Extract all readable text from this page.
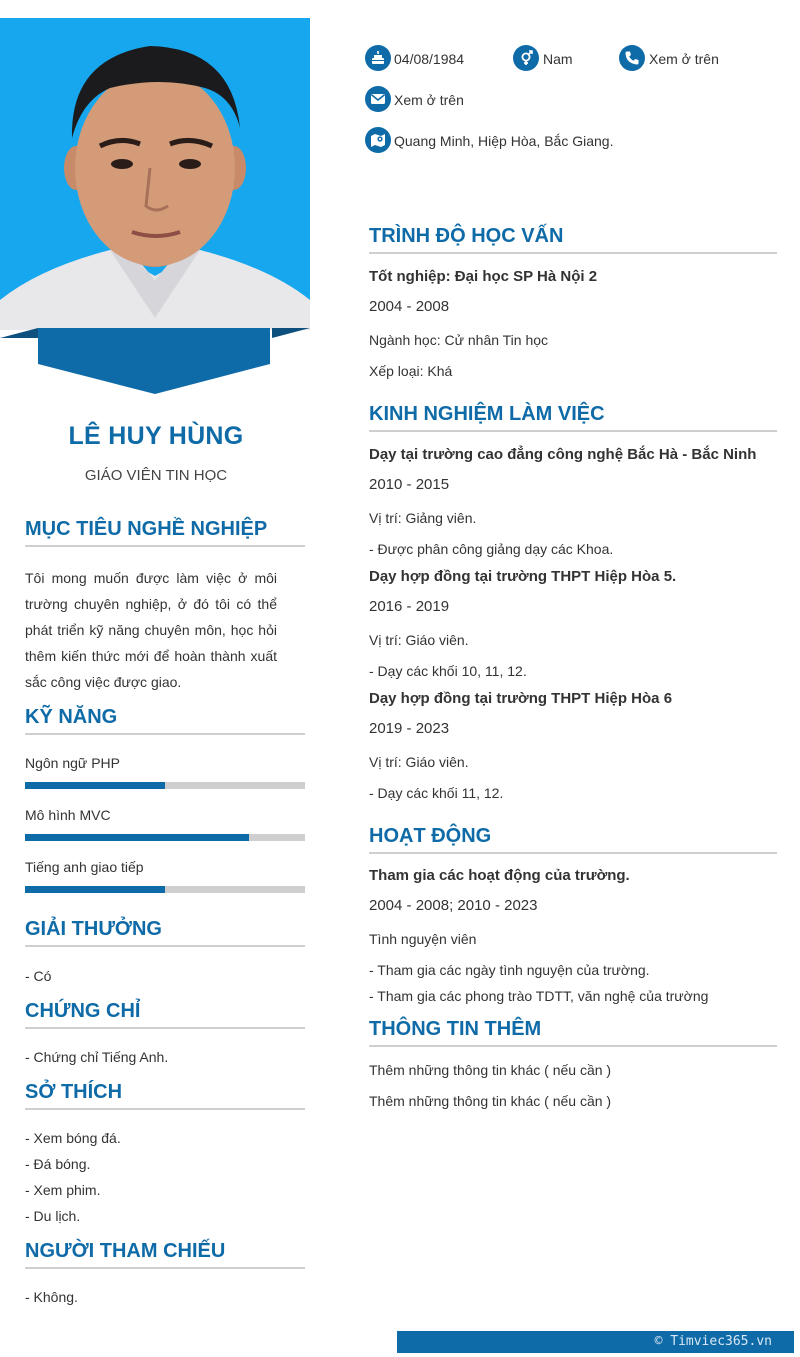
LÊ HUY HÙNG
GIÁO VIÊN TIN HỌC
MỤC TIÊU NGHỀ NGHIỆP
Tôi mong muốn được làm việc ở môi
trường chuyên nghiệp, ở đó tôi có thể
phát triển kỹ năng chuyên môn, học hỏi
thêm kiến thức mới để hoàn thành xuất
sắc công việc được giao.
KỸ NĂNG
Ngôn ngữ PHP
Mô hình MVC
Tiếng anh giao tiếp
GIẢI THƯỞNG
- Có
CHỨNG CHỈ
- Chứng chỉ Tiếng Anh.
SỞ THÍCH
- Xem bóng đá.
- Đá bóng.
- Xem phim.
- Du lịch.
NGƯỜI THAM CHIẾU
- Không.
04/08/1984	Nam	Xem ở trên
Xem ở trên
Quang Minh, Hiệp Hòa, Bắc Giang.
TRÌNH ĐỘ HỌC VẤN
Tốt nghiệp: Đại học SP Hà Nội 2
2004 - 2008
Ngành học: Cử nhân Tin học
Xếp loại: Khá
KINH NGHIỆM LÀM VIỆC
Dạy tại trường cao đẳng công nghệ Bắc Hà - Bắc Ninh
2010 - 2015
Vị trí: Giảng viên.
- Được phân công giảng dạy các Khoa.
Dạy hợp đồng tại trường THPT Hiệp Hòa 5.
2016 - 2019
Vị trí: Giáo viên.
- Dạy các khối 10, 11, 12.
Dạy hợp đồng tại trường THPT Hiệp Hòa 6
2019 - 2023
Vị trí: Giáo viên.
- Dạy các khối 11, 12.
HOẠT ĐỘNG
Tham gia các hoạt động của trường.
2004 - 2008; 2010 - 2023
Tình nguyện viên
- Tham gia các ngày tình nguyện của trường.
- Tham gia các phong trào TDTT, văn nghệ của trường
THÔNG TIN THÊM
Thêm những thông tin khác ( nếu cần )
Thêm những thông tin khác ( nếu cần )
© Timviec365.vn
